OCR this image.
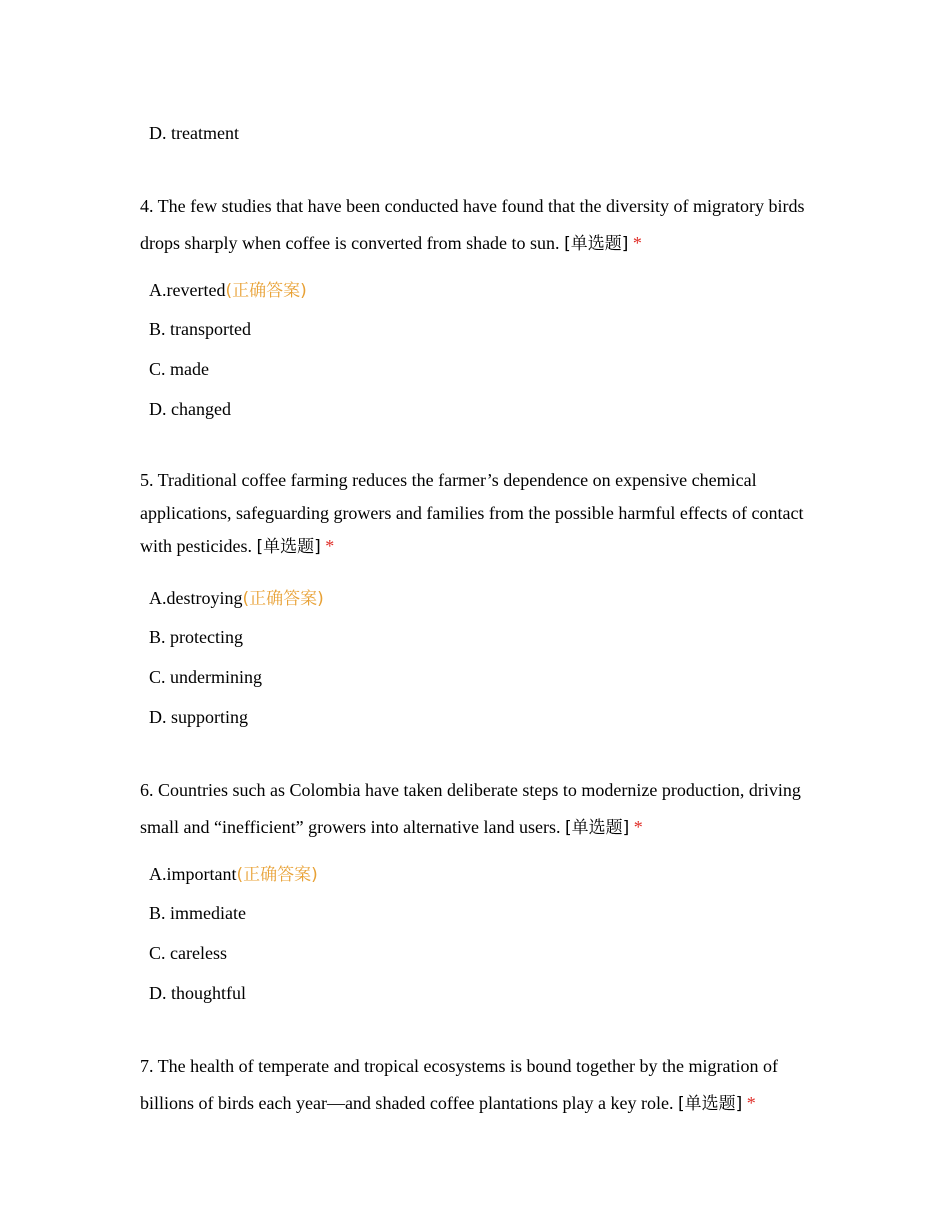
D. treatment
4. The few studies that have been conducted have found that the diversity of migratory birds drops sharply when coffee is converted from shade to sun. [单选题] *
A.reverted(正确答案)
B. transported
C. made
D. changed
5. Traditional coffee farming reduces the farmer’s dependence on expensive chemical applications, safeguarding growers and families from the possible harmful effects of contact with pesticides. [单选题] *
A.destroying(正确答案)
B. protecting
C. undermining
D. supporting
6. Countries such as Colombia have taken deliberate steps to modernize production, driving small and “inefficient” growers into alternative land users. [单选题] *
A.important(正确答案)
B. immediate
C. careless
D. thoughtful
7. The health of temperate and tropical ecosystems is bound together by the migration of billions of birds each year—and shaded coffee plantations play a key role. [单选题] *
